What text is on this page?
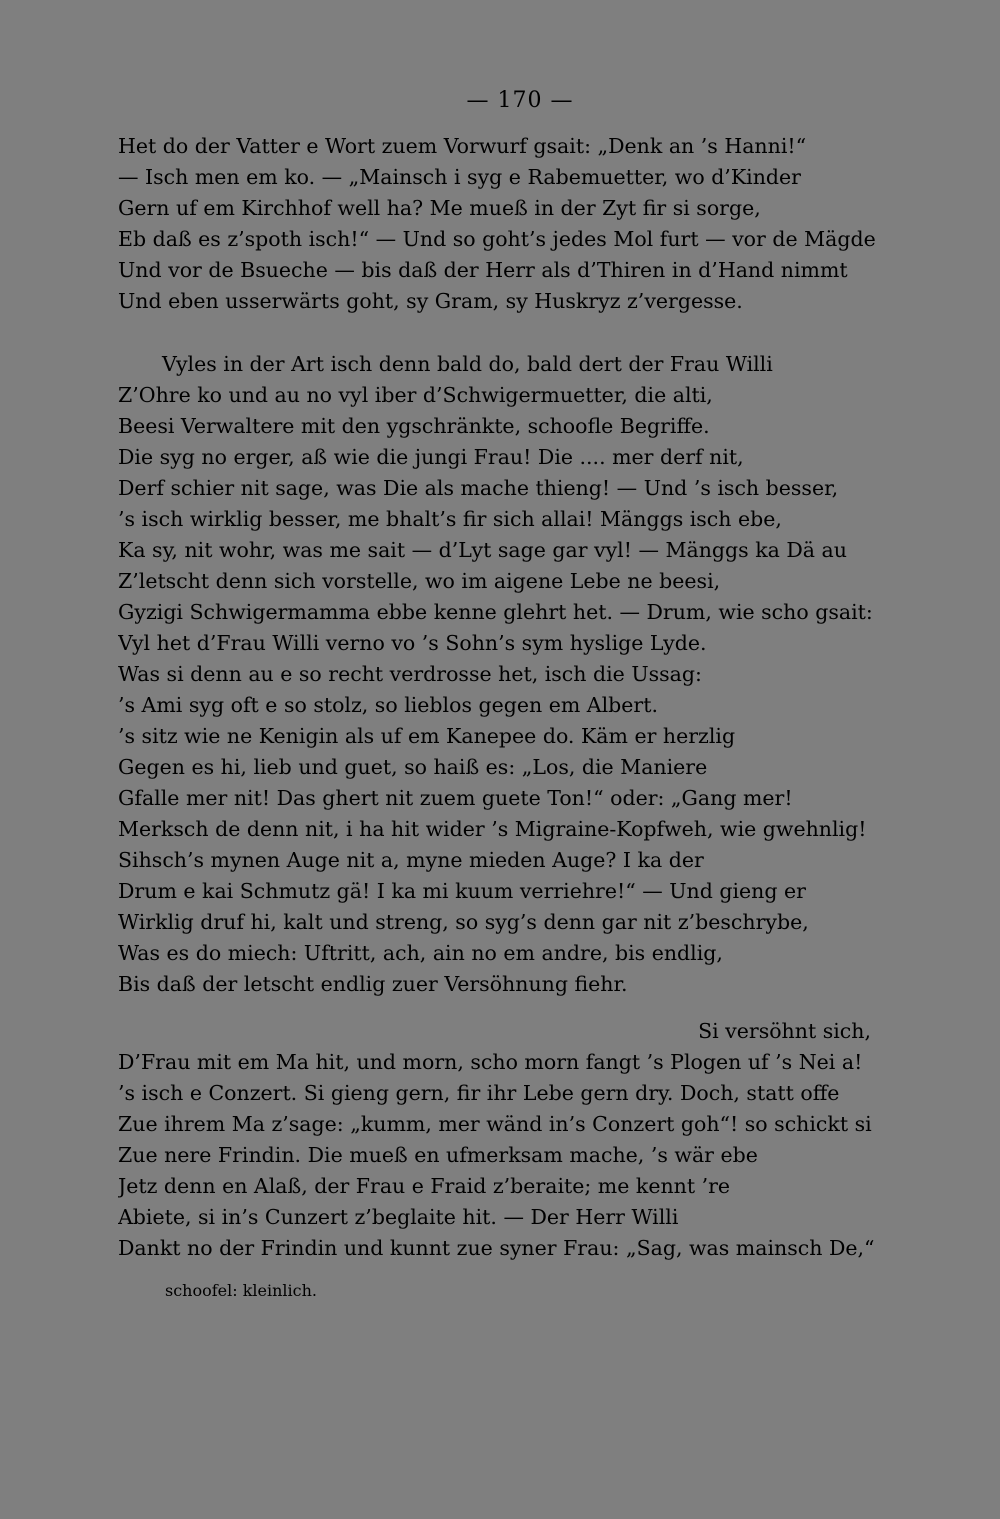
— 170 —
Het do der Vatter e Wort zuem Vorwurf gsait: „Denk an ’s Hanni!“
— Isch men em ko. — „Mainsch i syg e Rabemuetter, wo d’Kinder
Gern uf em Kirchhof well ha? Me mueß in der Zyt fir si sorge,
Eb daß es z’spoth isch!“ — Und so goht’s jedes Mol furt — vor de Mägde
Und vor de Bsueche — bis daß der Herr als d’Thiren in d’Hand nimmt
Und eben usserwärts goht, sy Gram, sy Huskryz z’vergesse.
Vyles in der Art isch denn bald do, bald dert der Frau Willi
Z’Ohre ko und au no vyl iber d’Schwigermuetter, die alti,
Beesi Verwaltere mit den ygschränkte, schoofle Begriffe.
Die syg no erger, aß wie die jungi Frau! Die .... mer derf nit,
Derf schier nit sage, was Die als mache thieng! — Und ’s isch besser,
’s isch wirklig besser, me bhalt’s fir sich allai! Mänggs isch ebe,
Ka sy, nit wohr, was me sait — d’Lyt sage gar vyl! — Mänggs ka Dä au
Z’letscht denn sich vorstelle, wo im aigene Lebe ne beesi,
Gyzigi Schwigermamma ebbe kenne glehrt het. — Drum, wie scho gsait:
Vyl het d’Frau Willi verno vo ’s Sohn’s sym hyslige Lyde.
Was si denn au e so recht verdrosse het, isch die Ussag:
’s Ami syg oft e so stolz, so lieblos gegen em Albert.
’s sitz wie ne Kenigin als uf em Kanepee do. Käm er herzlig
Gegen es hi, lieb und guet, so haiß es: „Los, die Maniere
Gfalle mer nit! Das ghert nit zuem guete Ton!“ oder: „Gang mer!
Merksch de denn nit, i ha hit wider ’s Migraine-Kopfweh, wie gwehnlig!
Sihsch’s mynen Auge nit a, myne mieden Auge? I ka der
Drum e kai Schmutz gä! I ka mi kuum verriehre!“ — Und gieng er
Wirklig druf hi, kalt und streng, so syg’s denn gar nit z’beschrybe,
Was es do miech: Uftritt, ach, ain no em andre, bis endlig,
Bis daß der letscht endlig zuer Versöhnung fiehr.
Si versöhnt sich,
D’Frau mit em Ma hit, und morn, scho morn fangt ’s Plogen uf ’s Nei a!
’s isch e Conzert. Si gieng gern, fir ihr Lebe gern dry. Doch, statt offe
Zue ihrem Ma z’sage: „kumm, mer wänd in’s Conzert goh“! so schickt si
Zue nere Frindin. Die mueß en ufmerksam mache, ’s wär ebe
Jetz denn en Alaß, der Frau e Fraid z’beraite; me kennt ’re
Abiete, si in’s Cunzert z’beglaite hit. — Der Herr Willi
Dankt no der Frindin und kunnt zue syner Frau: „Sag, was mainsch De,“
schoofel: kleinlich.
